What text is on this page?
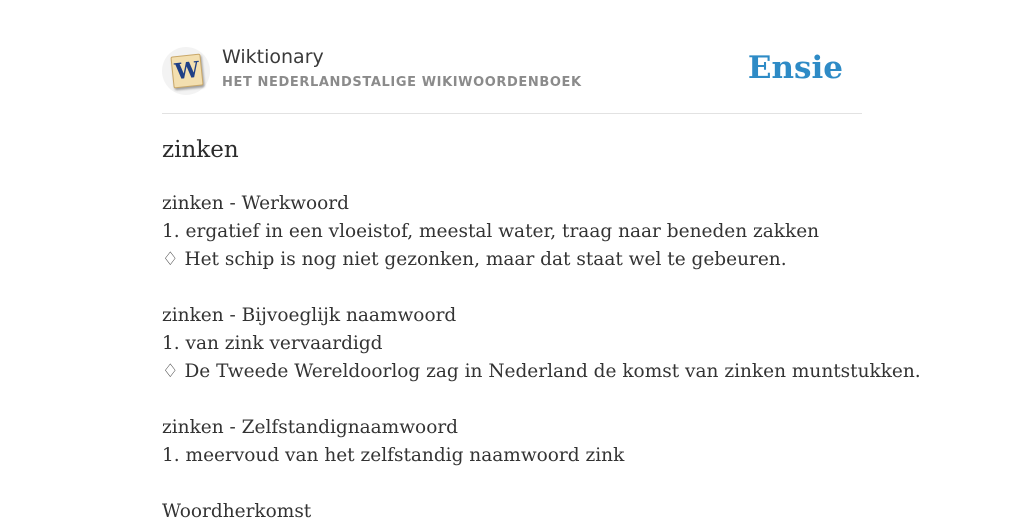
W Wiktionary
HET NEDERLANDSTALIGE WIKIWOORDENBOEK	Ensie
zinken
zinken - Werkwoord
1. ergatief in een vloeistof, meestal water, traag naar beneden zakken
♢ Het schip is nog niet gezonken, maar dat staat wel te gebeuren.
zinken - Bijvoeglijk naamwoord
1. van zink vervaardigd
♢ De Tweede Wereldoorlog zag in Nederland de komst van zinken muntstukken.
zinken - Zelfstandignaamwoord
1. meervoud van het zelfstandig naamwoord zink
Woordherkomst
